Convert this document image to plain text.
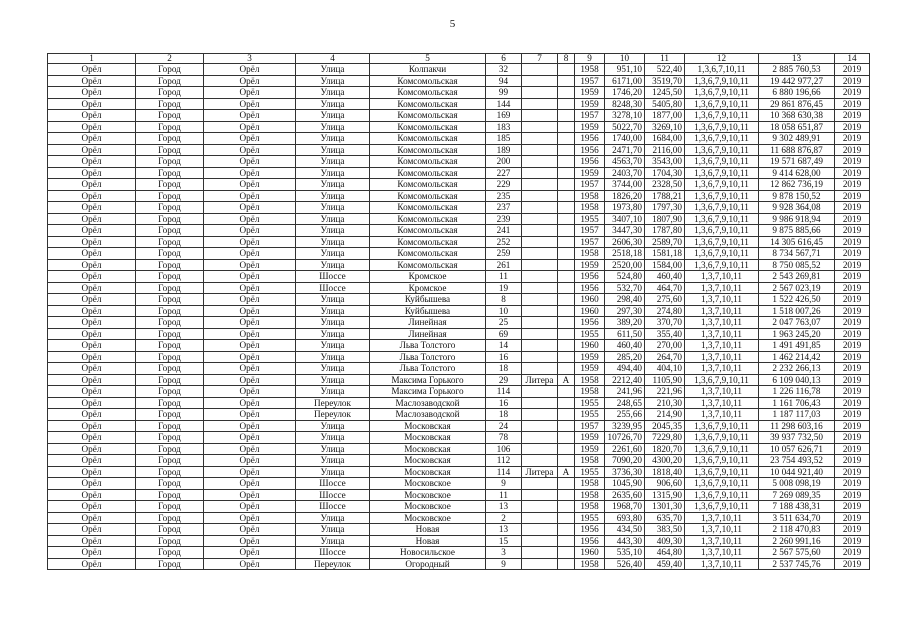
5
1	2	3	4	5	6	7	8	9	10	11	12	13	14
Орёл	Город	Орёл	Улица	Колпакчи	32			1958	951,10	522,40	1,3,6,7,10,11	2 885 760,53	2019
Орёл	Город	Орёл	Улица	Комсомольская	94			1957	6171,00	3519,70	1,3,6,7,9,10,11	19 442 977,27	2019
Орёл	Город	Орёл	Улица	Комсомольская	99			1959	1746,20	1245,50	1,3,6,7,9,10,11	6 880 196,66	2019
Орёл	Город	Орёл	Улица	Комсомольская	144			1959	8248,30	5405,80	1,3,6,7,9,10,11	29 861 876,45	2019
Орёл	Город	Орёл	Улица	Комсомольская	169			1957	3278,10	1877,00	1,3,6,7,9,10,11	10 368 630,38	2019
Орёл	Город	Орёл	Улица	Комсомольская	183			1959	5022,70	3269,10	1,3,6,7,9,10,11	18 058 651,87	2019
Орёл	Город	Орёл	Улица	Комсомольская	185			1956	1740,00	1684,00	1,3,6,7,9,10,11	9 302 489,91	2019
Орёл	Город	Орёл	Улица	Комсомольская	189			1956	2471,70	2116,00	1,3,6,7,9,10,11	11 688 876,87	2019
Орёл	Город	Орёл	Улица	Комсомольская	200			1956	4563,70	3543,00	1,3,6,7,9,10,11	19 571 687,49	2019
Орёл	Город	Орёл	Улица	Комсомольская	227			1959	2403,70	1704,30	1,3,6,7,9,10,11	9 414 628,00	2019
Орёл	Город	Орёл	Улица	Комсомольская	229			1957	3744,00	2328,50	1,3,6,7,9,10,11	12 862 736,19	2019
Орёл	Город	Орёл	Улица	Комсомольская	235			1958	1826,20	1788,21	1,3,6,7,9,10,11	9 878 150,52	2019
Орёл	Город	Орёл	Улица	Комсомольская	237			1958	1973,80	1797,30	1,3,6,7,9,10,11	9 928 364,08	2019
Орёл	Город	Орёл	Улица	Комсомольская	239			1955	3407,10	1807,90	1,3,6,7,9,10,11	9 986 918,94	2019
Орёл	Город	Орёл	Улица	Комсомольская	241			1957	3447,30	1787,80	1,3,6,7,9,10,11	9 875 885,66	2019
Орёл	Город	Орёл	Улица	Комсомольская	252			1957	2606,30	2589,70	1,3,6,7,9,10,11	14 305 616,45	2019
Орёл	Город	Орёл	Улица	Комсомольская	259			1958	2518,18	1581,18	1,3,6,7,9,10,11	8 734 567,71	2019
Орёл	Город	Орёл	Улица	Комсомольская	261			1959	2520,00	1584,00	1,3,6,7,9,10,11	8 750 085,52	2019
Орёл	Город	Орёл	Шоссе	Кромское	11			1956	524,80	460,40	1,3,7,10,11	2 543 269,81	2019
Орёл	Город	Орёл	Шоссе	Кромское	19			1956	532,70	464,70	1,3,7,10,11	2 567 023,19	2019
Орёл	Город	Орёл	Улица	Куйбышева	8			1960	298,40	275,60	1,3,7,10,11	1 522 426,50	2019
Орёл	Город	Орёл	Улица	Куйбышева	10			1960	297,30	274,80	1,3,7,10,11	1 518 007,26	2019
Орёл	Город	Орёл	Улица	Линейная	25			1956	389,20	370,70	1,3,7,10,11	2 047 763,07	2019
Орёл	Город	Орёл	Улица	Линейная	69			1955	611,50	355,40	1,3,7,10,11	1 963 245,20	2019
Орёл	Город	Орёл	Улица	Льва Толстого	14			1960	460,40	270,00	1,3,7,10,11	1 491 491,85	2019
Орёл	Город	Орёл	Улица	Льва Толстого	16			1959	285,20	264,70	1,3,7,10,11	1 462 214,42	2019
Орёл	Город	Орёл	Улица	Льва Толстого	18			1959	494,40	404,10	1,3,7,10,11	2 232 266,13	2019
Орёл	Город	Орёл	Улица	Максима Горького	29	Литера	А	1958	2212,40	1105,90	1,3,6,7,9,10,11	6 109 040,13	2019
Орёл	Город	Орёл	Улица	Максима Горького	114			1958	241,96	221,96	1,3,7,10,11	1 226 116,78	2019
Орёл	Город	Орёл	Переулок	Маслозаводской	16			1955	248,65	210,30	1,3,7,10,11	1 161 706,43	2019
Орёл	Город	Орёл	Переулок	Маслозаводской	18			1955	255,66	214,90	1,3,7,10,11	1 187 117,03	2019
Орёл	Город	Орёл	Улица	Московская	24			1957	3239,95	2045,35	1,3,6,7,9,10,11	11 298 603,16	2019
Орёл	Город	Орёл	Улица	Московская	78			1959	10726,70	7229,80	1,3,6,7,9,10,11	39 937 732,50	2019
Орёл	Город	Орёл	Улица	Московская	106			1959	2261,60	1820,70	1,3,6,7,9,10,11	10 057 626,71	2019
Орёл	Город	Орёл	Улица	Московская	112			1958	7090,20	4300,20	1,3,6,7,9,10,11	23 754 493,52	2019
Орёл	Город	Орёл	Улица	Московская	114	Литера	А	1955	3736,30	1818,40	1,3,6,7,9,10,11	10 044 921,40	2019
Орёл	Город	Орёл	Шоссе	Московское	9			1958	1045,90	906,60	1,3,6,7,9,10,11	5 008 098,19	2019
Орёл	Город	Орёл	Шоссе	Московское	11			1958	2635,60	1315,90	1,3,6,7,9,10,11	7 269 089,35	2019
Орёл	Город	Орёл	Шоссе	Московское	13			1958	1968,70	1301,30	1,3,6,7,9,10,11	7 188 438,31	2019
Орёл	Город	Орёл	Улица	Московское	2			1955	693,80	635,70	1,3,7,10,11	3 511 634,70	2019
Орёл	Город	Орёл	Улица	Новая	13			1956	434,50	383,50	1,3,7,10,11	2 118 470,83	2019
Орёл	Город	Орёл	Улица	Новая	15			1956	443,30	409,30	1,3,7,10,11	2 260 991,16	2019
Орёл	Город	Орёл	Шоссе	Новосильское	3			1960	535,10	464,80	1,3,7,10,11	2 567 575,60	2019
Орёл	Город	Орёл	Переулок	Огородный	9			1958	526,40	459,40	1,3,7,10,11	2 537 745,76	2019
